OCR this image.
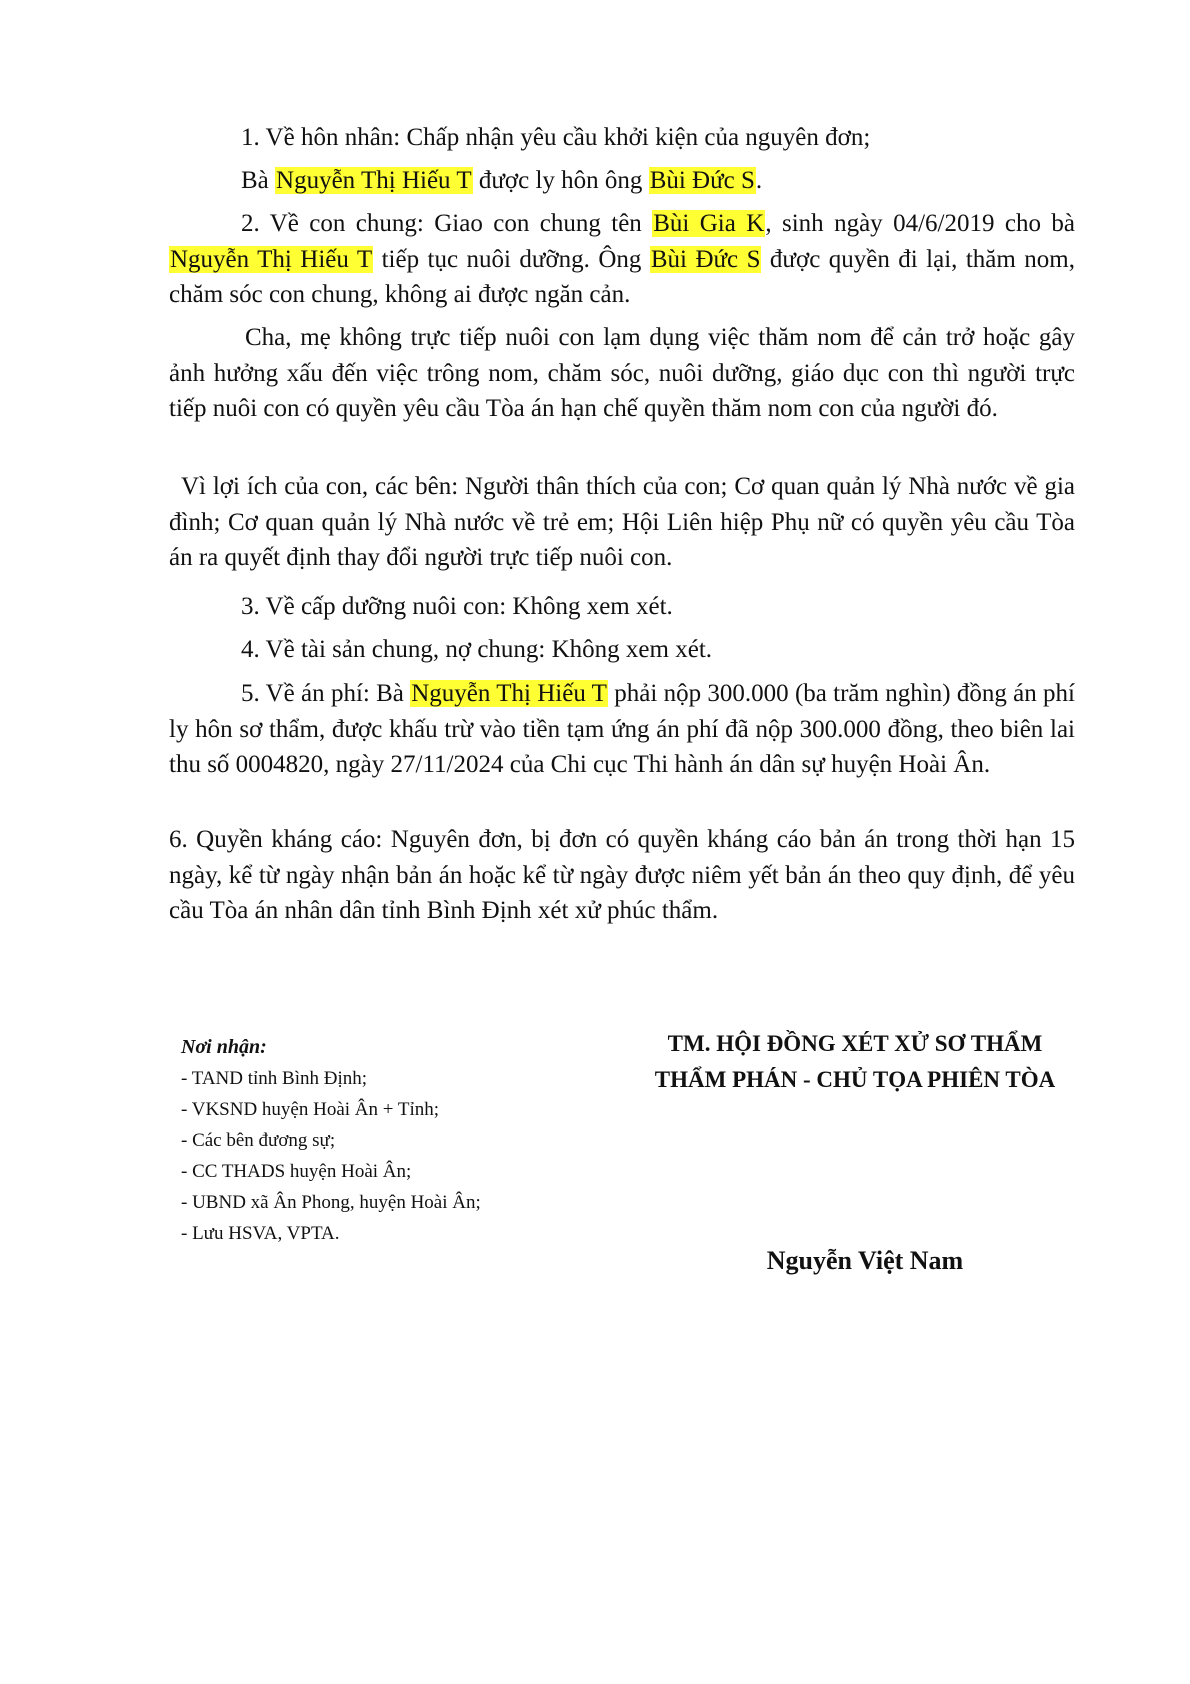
1. Về hôn nhân: Chấp nhận yêu cầu khởi kiện của nguyên đơn;

Bà Nguyễn Thị Hiếu T được ly hôn ông Bùi Đức S.

2. Về con chung: Giao con chung tên Bùi Gia K, sinh ngày 04/6/2019 cho bà Nguyễn Thị Hiếu T tiếp tục nuôi dưỡng. Ông Bùi Đức S được quyền đi lại, thăm nom, chăm sóc con chung, không ai được ngăn cản.

Cha, mẹ không trực tiếp nuôi con lạm dụng việc thăm nom để cản trở hoặc gây ảnh hưởng xấu đến việc trông nom, chăm sóc, nuôi dưỡng, giáo dục con thì người trực tiếp nuôi con có quyền yêu cầu Tòa án hạn chế quyền thăm nom con của người đó.

Vì lợi ích của con, các bên: Người thân thích của con; Cơ quan quản lý Nhà nước về gia đình; Cơ quan quản lý Nhà nước về trẻ em; Hội Liên hiệp Phụ nữ có quyền yêu cầu Tòa án ra quyết định thay đổi người trực tiếp nuôi con.

3. Về cấp dưỡng nuôi con: Không xem xét.

4. Về tài sản chung, nợ chung: Không xem xét.

5. Về án phí: Bà Nguyễn Thị Hiếu T phải nộp 300.000 (ba trăm nghìn) đồng án phí ly hôn sơ thẩm, được khấu trừ vào tiền tạm ứng án phí đã nộp 300.000 đồng, theo biên lai thu số 0004820, ngày 27/11/2024 của Chi cục Thi hành án dân sự huyện Hoài Ân.

6. Quyền kháng cáo: Nguyên đơn, bị đơn có quyền kháng cáo bản án trong thời hạn 15 ngày, kể từ ngày nhận bản án hoặc kể từ ngày được niêm yết bản án theo quy định, để yêu cầu Tòa án nhân dân tỉnh Bình Định xét xử phúc thẩm.

Nơi nhận:
- TAND tỉnh Bình Định;
- VKSND huyện Hoài Ân + Tỉnh;
- Các bên đương sự;
- CC THADS huyện Hoài Ân;
- UBND xã Ân Phong, huyện Hoài Ân;
- Lưu HSVA, VPTA.
TM. HỘI ĐỒNG XÉT XỬ SƠ THẨM
THẨM PHÁN - CHỦ TỌA PHIÊN TÒA
Nguyễn Việt Nam
